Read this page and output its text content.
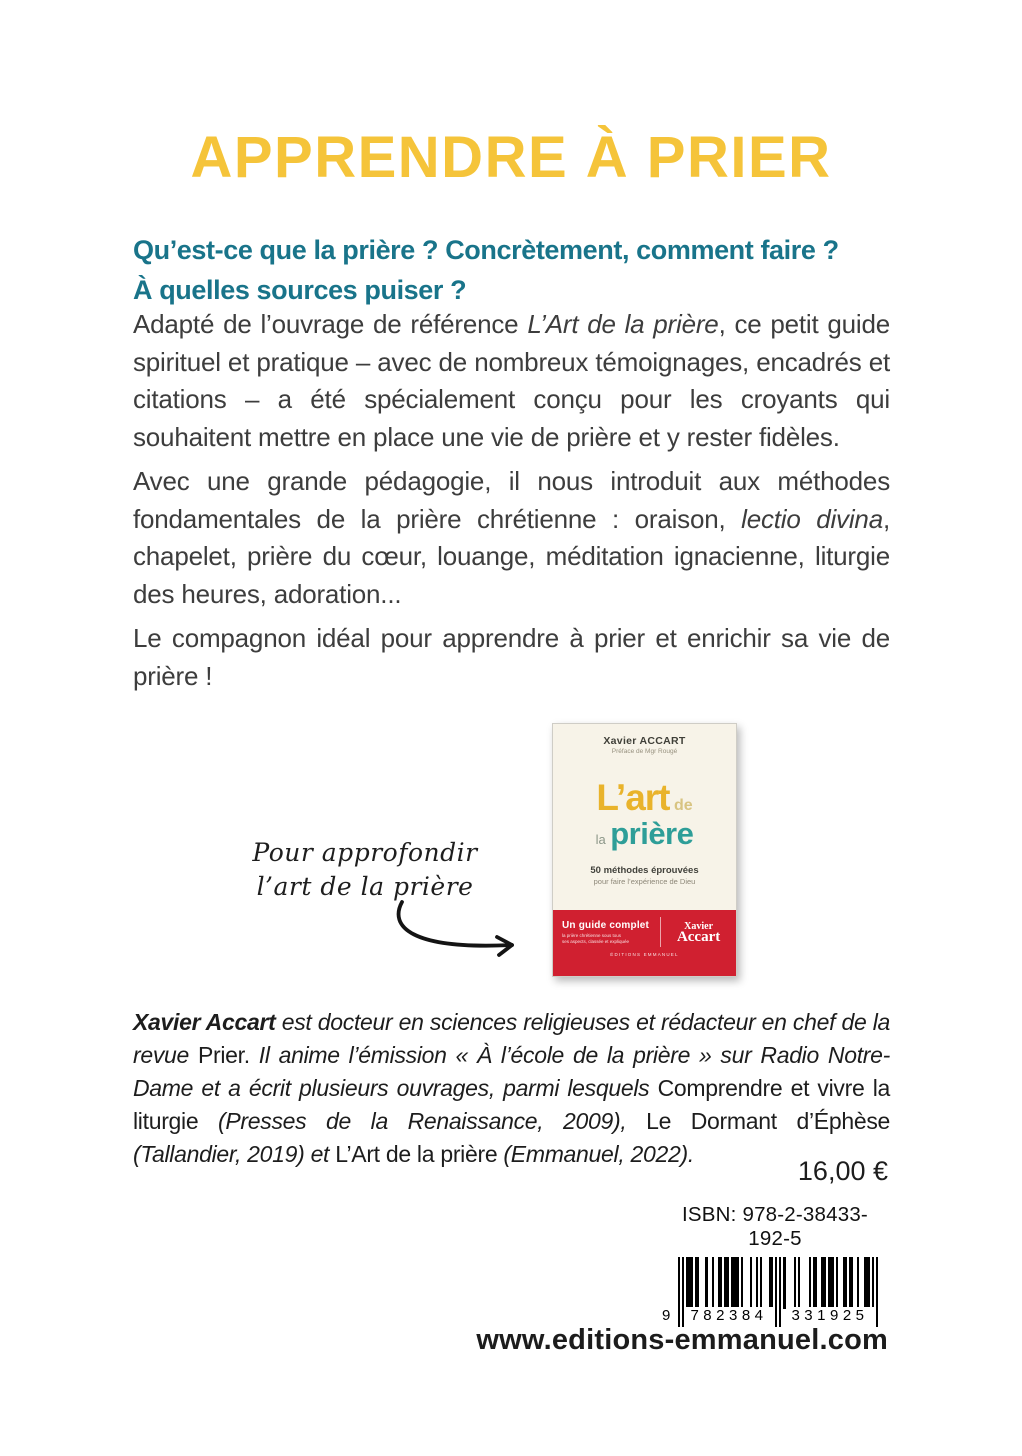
APPRENDRE À PRIER
Qu’est-ce que la prière ? Concrètement, comment faire ?
À quelles sources puiser ?

Adapté de l’ouvrage de référence L’Art de la prière, ce petit guide spirituel et pratique – avec de nombreux témoignages, encadrés et citations – a été spécialement conçu pour les croyants qui souhaitent mettre en place une vie de prière et y rester fidèles.

Avec une grande pédagogie, il nous introduit aux méthodes fondamentales de la prière chrétienne : oraison, lectio divina, chapelet, prière du cœur, louange, méditation ignacienne, liturgie des heures, adoration...

Le compagnon idéal pour apprendre à prier et enrichir sa vie de prière !

Pour approfondir
l’art de la prière
Xavier ACCART
Préface de Mgr Rougé
L’art de
la prière
50 méthodes éprouvées
pour faire l’expérience de Dieu
Un guide complet
la prière chrétienne sous tous
ses aspects, classée et expliquée
Xavier
Accart
ÉDITIONS EMMANUEL
Xavier Accart est docteur en sciences religieuses et rédacteur en chef de la revue Prier. Il anime l’émission « À l’école de la prière » sur Radio Notre-Dame et a écrit plusieurs ouvrages, parmi lesquels Comprendre et vivre la liturgie (Presses de la Renaissance, 2009), Le Dormant d’Éphèse (Tallandier, 2019) et L’Art de la prière (Emmanuel, 2022).
16,00 €
ISBN: 978-2-38433-192-5
9	782384	331925
www.editions-emmanuel.com
